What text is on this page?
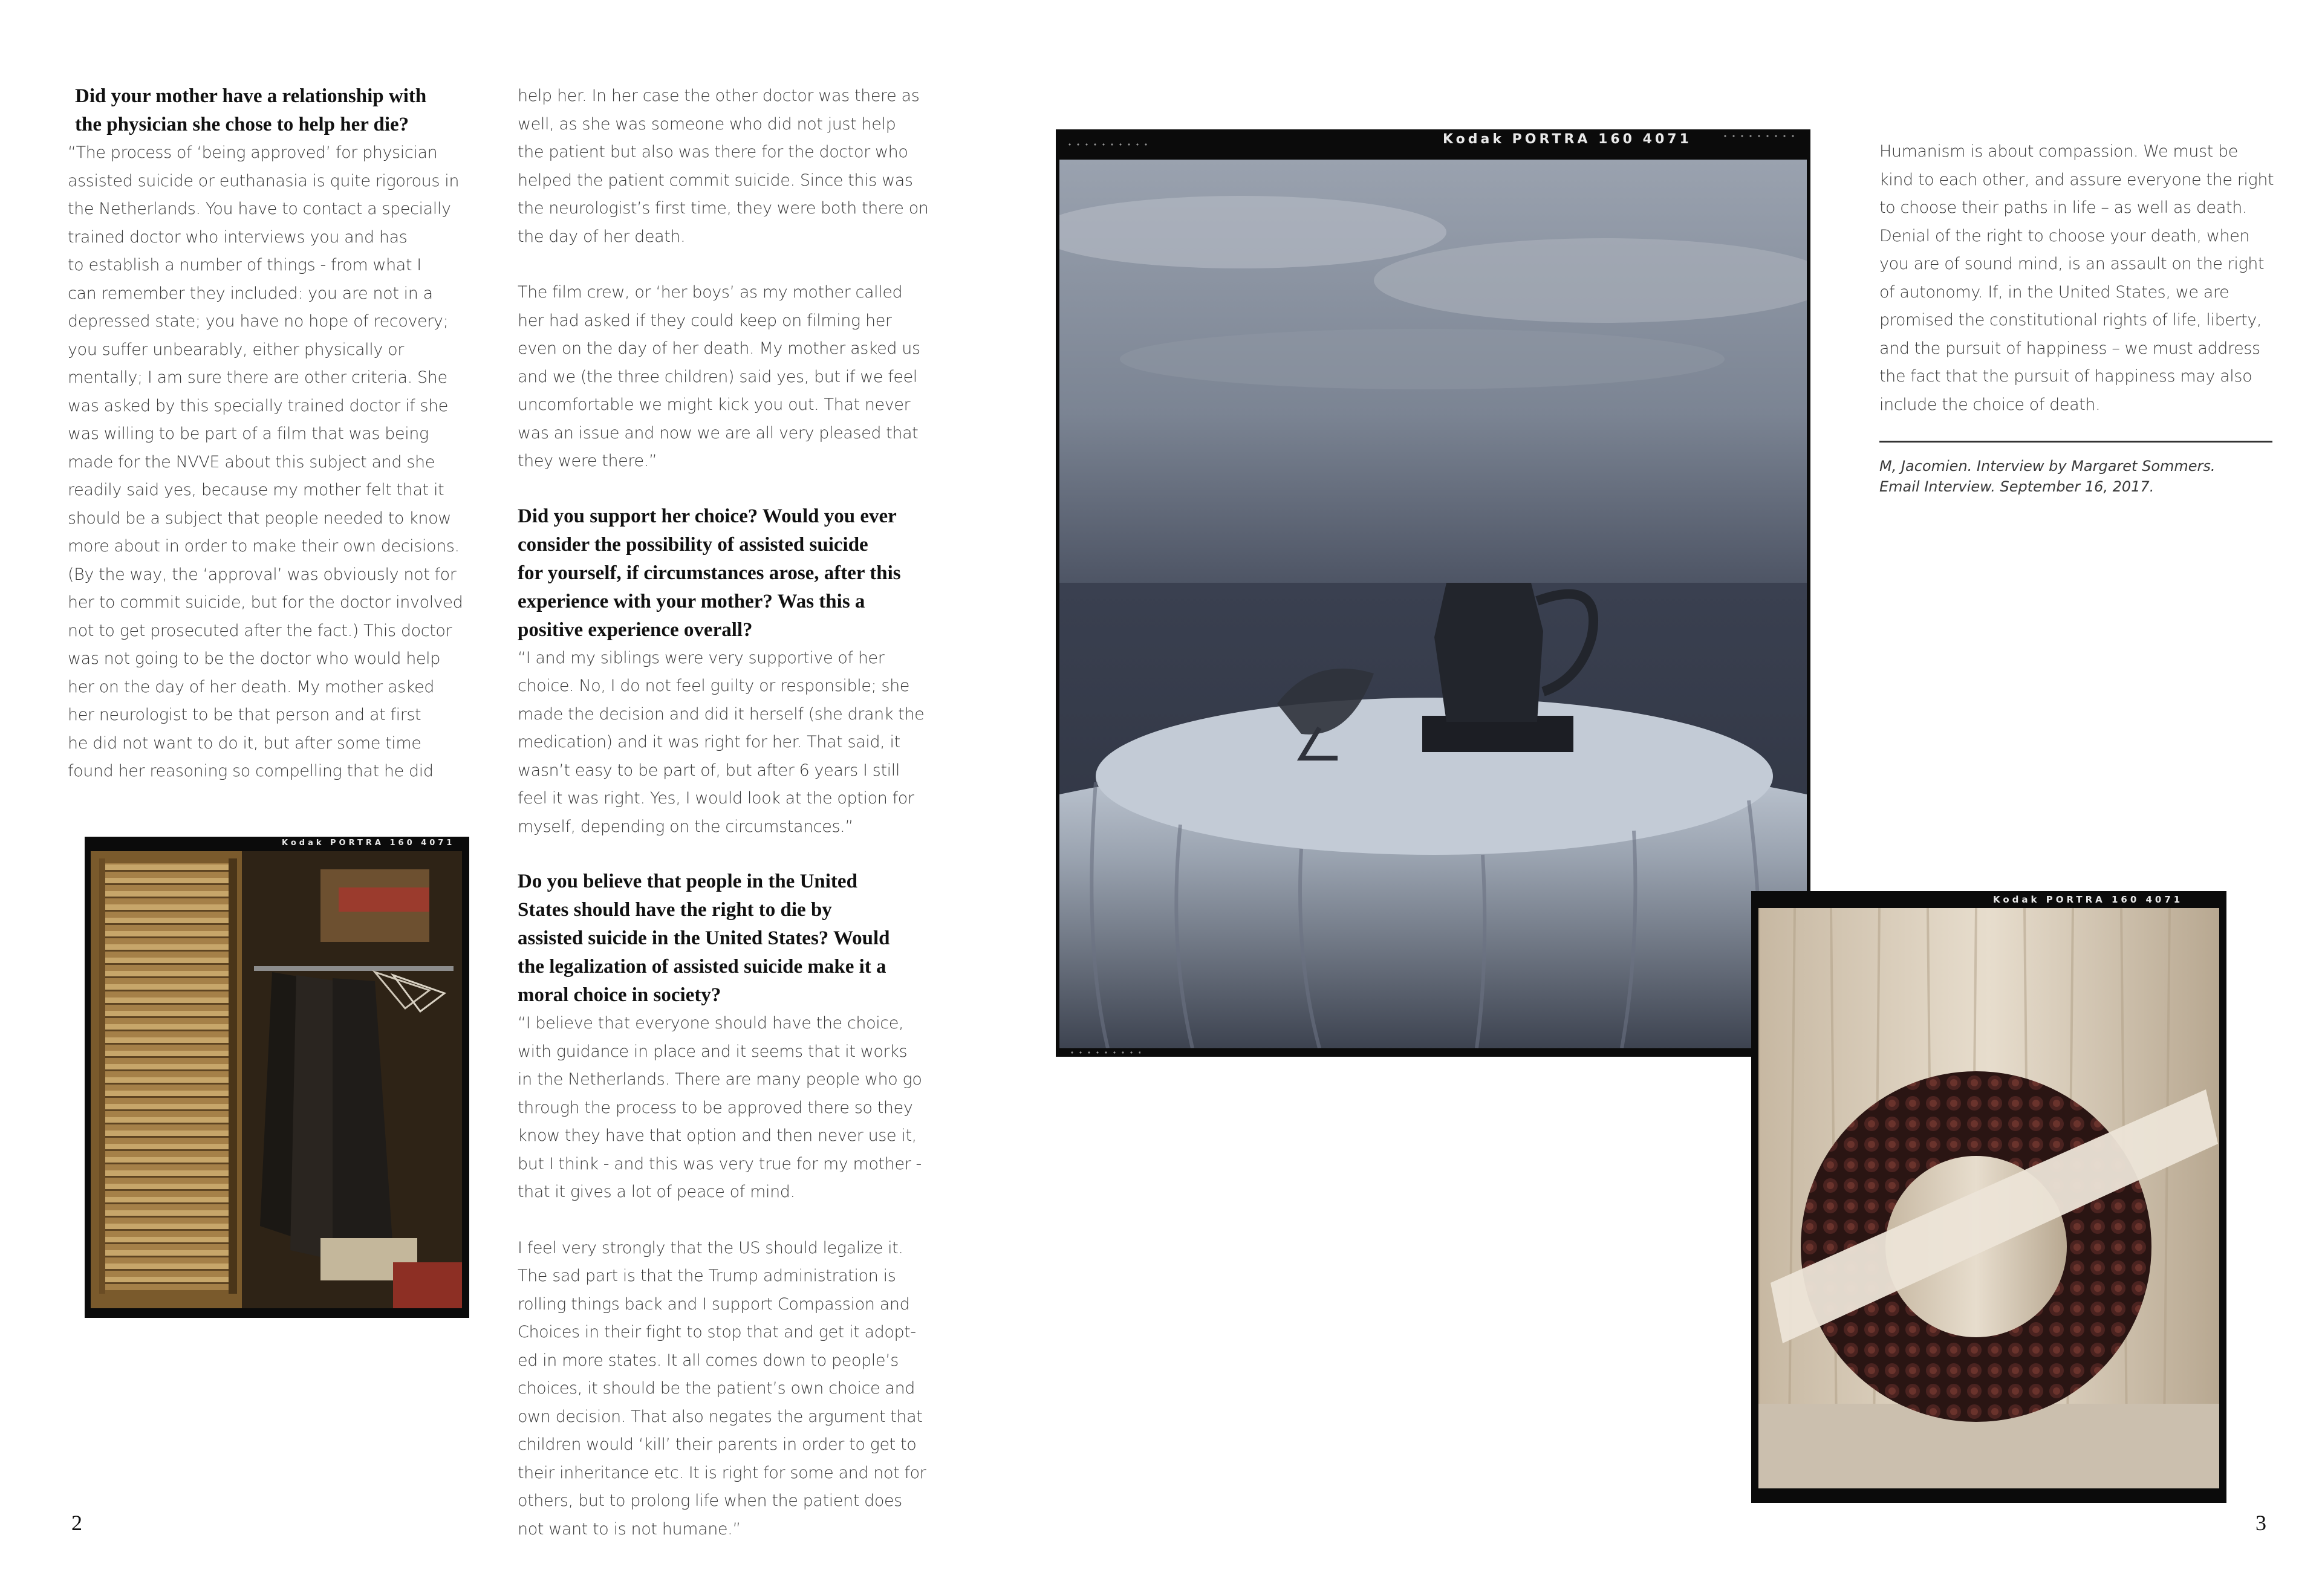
Did your mother have a relationship with
the physician she chose to help her die?

“The process of ‘being approved’ for physician
assisted suicide or euthanasia is quite rigorous in
the Netherlands. You have to contact a specially
trained doctor who interviews you and has
to establish a number of things - from what I
can remember they included: you are not in a
depressed state; you have no hope of recovery;
you suffer unbearably, either physically or
mentally; I am sure there are other criteria. She
was asked by this specially trained doctor if she
was willing to be part of a film that was being
made for the NVVE about this subject and she
readily said yes, because my mother felt that it
should be a subject that people needed to know
more about in order to make their own decisions.
(By the way, the ‘approval’ was obviously not for
her to commit suicide, but for the doctor involved
not to get prosecuted after the fact.) This doctor
was not going to be the doctor who would help
her on the day of her death. My mother asked
her neurologist to be that person and at first
he did not want to do it, but after some time
found her reasoning so compelling that he did

Kodak PORTRA 160 4071

help her. In her case the other doctor was there as
well, as she was someone who did not just help
the patient but also was there for the doctor who
helped the patient commit suicide. Since this was
the neurologist’s first time, they were both there on
the day of her death.

The film crew, or ‘her boys’ as my mother called
her had asked if they could keep on filming her
even on the day of her death. My mother asked us
and we (the three children) said yes, but if we feel
uncomfortable we might kick you out. That never
was an issue and now we are all very pleased that
they were there.”

Did you support her choice? Would you ever
consider the possibility of assisted suicide
for yourself, if circumstances arose, after this
experience with your mother? Was this a
positive experience overall?

“I and my siblings were very supportive of her
choice. No, I do not feel guilty or responsible; she
made the decision and did it herself (she drank the
medication) and it was right for her. That said, it
wasn’t easy to be part of, but after 6 years I still
feel it was right. Yes, I would look at the option for
myself, depending on the circumstances.”

Do you believe that people in the United
States should have the right to die by
assisted suicide in the United States? Would
the legalization of assisted suicide make it a
moral choice in society?

“I believe that everyone should have the choice,
with guidance in place and it seems that it works
in the Netherlands. There are many people who go
through the process to be approved there so they
know they have that option and then never use it,
but I think - and this was very true for my mother -
that it gives a lot of peace of mind.

I feel very strongly that the US should legalize it.
The sad part is that the Trump administration is
rolling things back and I support Compassion and
Choices in their fight to stop that and get it adopt-
ed in more states. It all comes down to people’s
choices, it should be the patient’s own choice and
own decision. That also negates the argument that
children would ‘kill’ their parents in order to get to
their inheritance etc. It is right for some and not for
others, but to prolong life when the patient does
not want to is not humane.”

2
Kodak PORTRA 160 4071
Kodak PORTRA 160 4071

Humanism is about compassion. We must be
kind to each other, and assure everyone the right
to choose their paths in life – as well as death.
Denial of the right to choose your death, when
you are of sound mind, is an assault on the right
of autonomy. If, in the United States, we are
promised the constitutional rights of life, liberty,
and the pursuit of happiness – we must address
the fact that the pursuit of happiness may also
include the choice of death.

M, Jacomien. Interview by Margaret Sommers.
Email Interview. September 16, 2017.
3
